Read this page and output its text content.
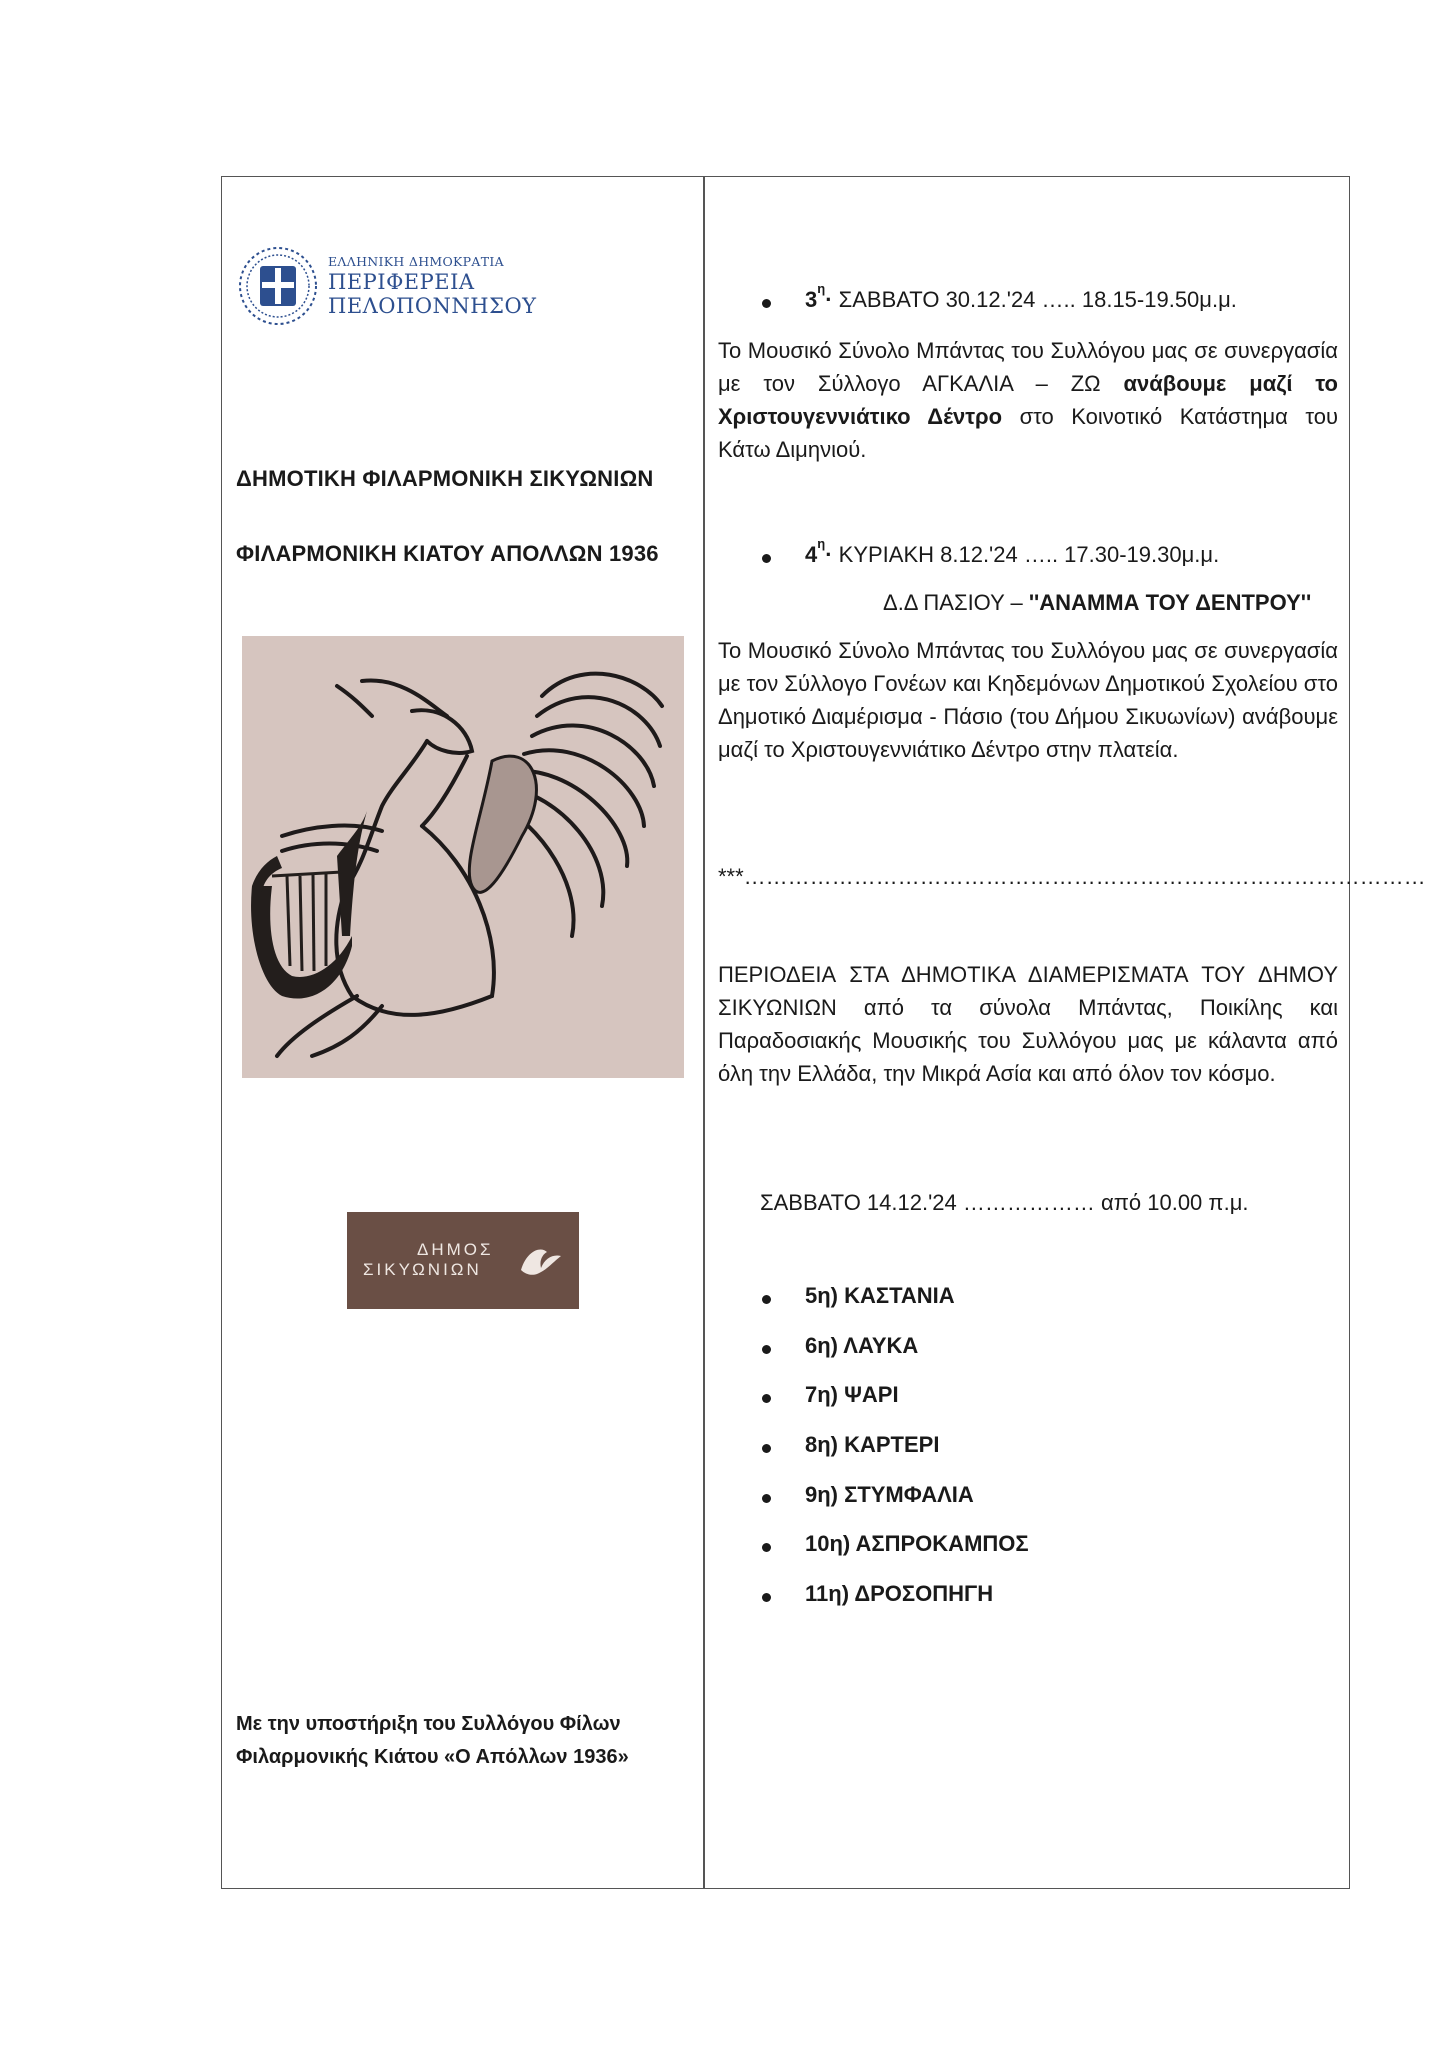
ΕΛΛΗΝΙΚΗ ΔΗΜΟΚΡΑΤΙΑ
ΠΕΡΙΦΕΡΕΙΑ
ΠΕΛΟΠΟΝΝΗΣΟΥ
ΔΗΜΟΤΙΚΗ ΦΙΛΑΡΜΟΝΙΚΗ ΣΙΚΥΩΝΙΩΝ
ΦΙΛΑΡΜΟΝΙΚΗ ΚΙΑΤΟΥ ΑΠΟΛΛΩΝ 1936
ΔΗΜΟΣ
ΣΙΚΥΩΝΙΩΝ
Με την υποστήριξη του Συλλόγου Φίλων
Φιλαρμονικής Κιάτου «Ο Απόλλων 1936»
$3^\eta\cdot \Sigma ABBATO$ 30.12.'24 ….. 18.15-19.50μ.μ.
Το Μουσικό Σύνολο Μπάντας του Συλλόγου μας σε συνεργασία με τον Σύλλογο ΑΓΚΑΛΙΑ – ΖΩ ανάβουμε μαζί το Χριστουγεννιάτικο Δέντρο στο Κοινοτικό Κατάστημα του Κάτω Διμηνιού.
$4^\eta\cdot K\Upsilon PIAKH$ 8.12.'24 ….. 17.30-19.30μ.μ.
Δ.Δ ΠΑΣΙΟΥ – ''ΑΝΑΜΜΑ ΤΟΥ ΔΕΝΤΡΟΥ''
Το Μουσικό Σύνολο Μπάντας του Συλλόγου μας σε συνεργασία με τον Σύλλογο Γονέων και Κηδεμόνων Δημοτικού Σχολείου στο Δημοτικό Διαμέρισμα - Πάσιο (του Δήμου Σικυωνίων) ανάβουμε μαζί το Χριστουγεννιάτικο Δέντρο στην πλατεία.
***…………………………………………………………………………………
ΠΕΡΙΟΔΕΙΑ ΣΤΑ ΔΗΜΟΤΙΚΑ ΔΙΑΜΕΡΙΣΜΑΤΑ ΤΟΥ ΔΗΜΟΥ ΣΙΚΥΩΝΙΩΝ από τα σύνολα Μπάντας, Ποικίλης και Παραδοσιακής Μουσικής του Συλλόγου μας με κάλαντα από όλη την Ελλάδα, την Μικρά Ασία και από όλον τον κόσμο.
ΣΑΒΒΑΤΟ 14.12.'24 ……………… από 10.00 π.μ.
5η) ΚΑΣΤΑΝΙΑ
6η) ΛΑΥΚΑ
7η) ΨΑΡΙ
8η) ΚΑΡΤΕΡΙ
9η) ΣΤΥΜΦΑΛΙΑ
10η) ΑΣΠΡΟΚΑΜΠΟΣ
11η) ΔΡΟΣΟΠΗΓΗ
